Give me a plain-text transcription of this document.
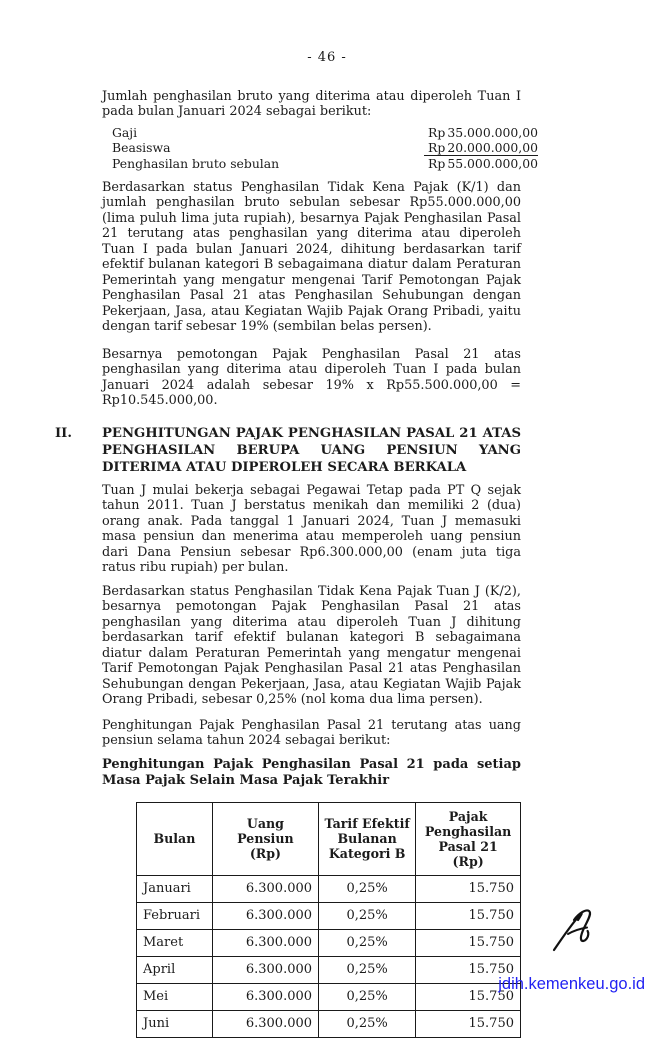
- 46 -

Jumlah penghasilan bruto yang diterima atau diperoleh Tuan I pada bulan Januari 2024 sebagai berikut:

Gaji	Rp 35.000.000,00
Beasiswa	Rp 20.000.000,00
Penghasilan bruto sebulan	Rp 55.000.000,00

Berdasarkan status Penghasilan Tidak Kena Pajak (K/1) dan jumlah penghasilan bruto sebulan sebesar Rp55.000.000,00 (lima puluh lima juta rupiah), besarnya Pajak Penghasilan Pasal 21 terutang atas penghasilan yang diterima atau diperoleh Tuan I pada bulan Januari 2024, dihitung berdasarkan tarif efektif bulanan kategori B sebagaimana diatur dalam Peraturan Pemerintah yang mengatur mengenai Tarif Pemotongan Pajak Penghasilan Pasal 21 atas Penghasilan Sehubungan dengan Pekerjaan, Jasa, atau Kegiatan Wajib Pajak Orang Pribadi, yaitu dengan tarif sebesar 19% (sembilan belas persen).

Besarnya pemotongan Pajak Penghasilan Pasal 21 atas penghasilan yang diterima atau diperoleh Tuan I pada bulan Januari 2024 adalah sebesar 19% x Rp55.500.000,00 = Rp10.545.000,00.

II. PENGHITUNGAN PAJAK PENGHASILAN PASAL 21 ATAS PENGHASILAN BERUPA UANG PENSIUN YANG DITERIMA ATAU DIPEROLEH SECARA BERKALA

Tuan J mulai bekerja sebagai Pegawai Tetap pada PT Q sejak tahun 2011. Tuan J berstatus menikah dan memiliki 2 (dua) orang anak. Pada tanggal 1 Januari 2024, Tuan J memasuki masa pensiun dan menerima atau memperoleh uang pensiun dari Dana Pensiun sebesar Rp6.300.000,00 (enam juta tiga ratus ribu rupiah) per bulan.

Berdasarkan status Penghasilan Tidak Kena Pajak Tuan J (K/2), besarnya pemotongan Pajak Penghasilan Pasal 21 atas penghasilan yang diterima atau diperoleh Tuan J dihitung berdasarkan tarif efektif bulanan kategori B sebagaimana diatur dalam Peraturan Pemerintah yang mengatur mengenai Tarif Pemotongan Pajak Penghasilan Pasal 21 atas Penghasilan Sehubungan dengan Pekerjaan, Jasa, atau Kegiatan Wajib Pajak Orang Pribadi, sebesar 0,25% (nol koma dua lima persen).

Penghitungan Pajak Penghasilan Pasal 21 terutang atas uang pensiun selama tahun 2024 sebagai berikut:

Penghitungan Pajak Penghasilan Pasal 21 pada setiap Masa Pajak Selain Masa Pajak Terakhir

Bulan

Uang Pensiun
(Rp)

Tarif Efektif
Bulanan
Kategori B

Pajak
Penghasilan
Pasal 21
(Rp)

Januari	6.300.000	0,25%	15.750
Februari	6.300.000	0,25%	15.750
Maret	6.300.000	0,25%	15.750
April	6.300.000	0,25%	15.750
Mei	6.300.000	0,25%	15.750
Juni	6.300.000	0,25%	15.750
jdih.kemenkeu.go.id
